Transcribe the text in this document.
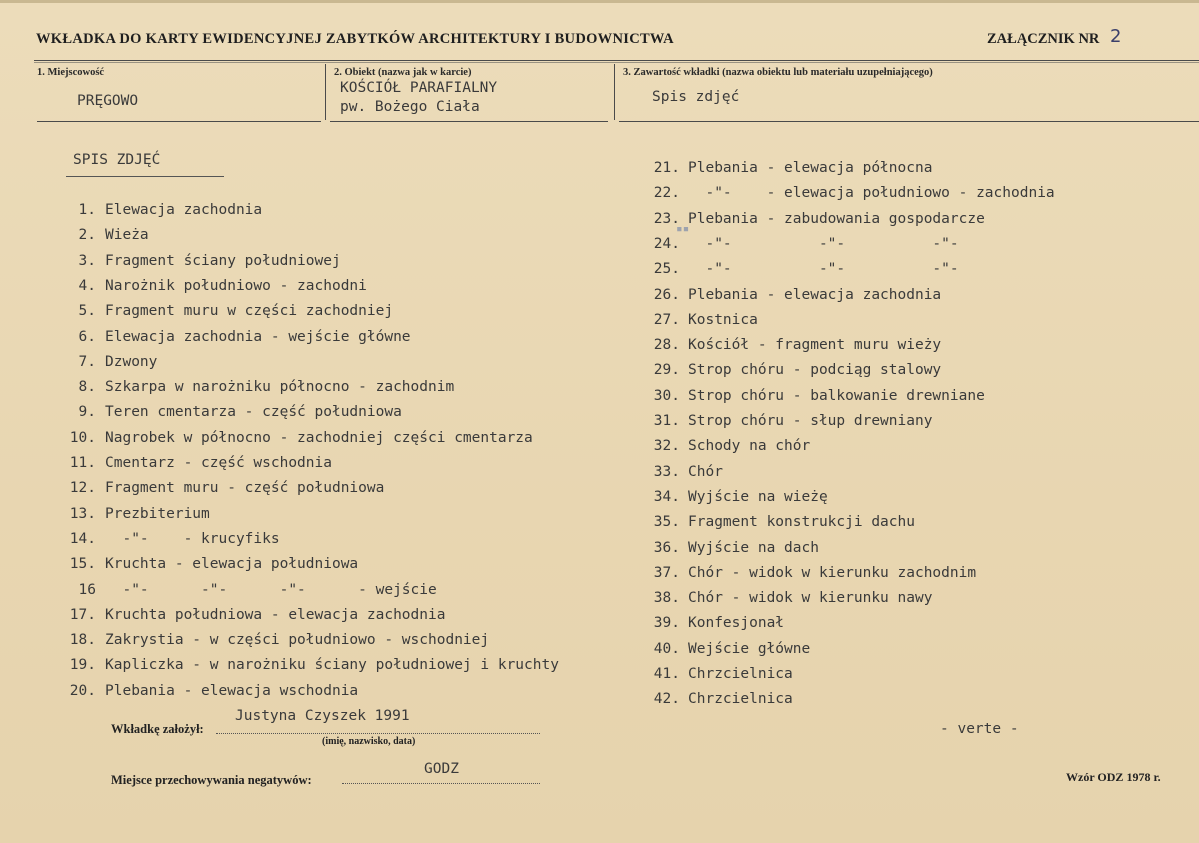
WKŁADKA DO KARTY EWIDENCYJNEJ ZABYTKÓW ARCHITEKTURY I BUDOWNICTWA	ZAŁĄCZNIK NR 2
1. Miejscowość
PRĘGOWO
2. Obiekt (nazwa jak w karcie)
KOŚCIÓŁ PARAFIALNY
pw. Bożego Ciała
3. Zawartość wkładki (nazwa obiektu lub materiału uzupełniającego)
Spis zdjęć
SPIS ZDJĘĆ
1. Elewacja zachodnia
2. Wieża
3. Fragment ściany południowej
4. Narożnik południowo - zachodni
5. Fragment muru w części zachodniej
6. Elewacja zachodnia - wejście główne
7. Dzwony
8. Szkarpa w narożniku północno - zachodnim
9. Teren cmentarza - część południowa
10. Nagrobek w północno - zachodniej części cmentarza
11. Cmentarz - część wschodnia
12. Fragment muru - część południowa
13. Prezbiterium
14. -"-    - krucyfiks
15. Kruchta - elewacja południowa
16 -"-      -"-      -"-      - wejście
17. Kruchta południowa - elewacja zachodnia
18. Zakrystia - w części południowo - wschodniej
19. Kapliczka - w narożniku ściany południowej i kruchty
20. Plebania - elewacja wschodnia
21. Plebania - elewacja północna
22. -"-    - elewacja południowo - zachodnia
23. Plebania - zabudowania gospodarcze
24. -"-          -"-          -"-
25. -"-          -"-          -"-
26. Plebania - elewacja zachodnia
27. Kostnica
28. Kościół - fragment muru wieży
29. Strop chóru - podciąg stalowy
30. Strop chóru - balkowanie drewniane
31. Strop chóru - słup drewniany
32. Schody na chór
33. Chór
34. Wyjście na wieżę
35. Fragment konstrukcji dachu
36. Wyjście na dach
37. Chór - widok w kierunku zachodnim
38. Chór - widok w kierunku nawy
39. Konfesjonał
40. Wejście główne
41. Chrzcielnica
42. Chrzcielnica
▪▪
Wkładkę założył:
Justyna Czyszek 1991
(imię, nazwisko, data)
Miejsce przechowywania negatywów:
GODZ
- verte -
Wzór ODZ 1978 r.
